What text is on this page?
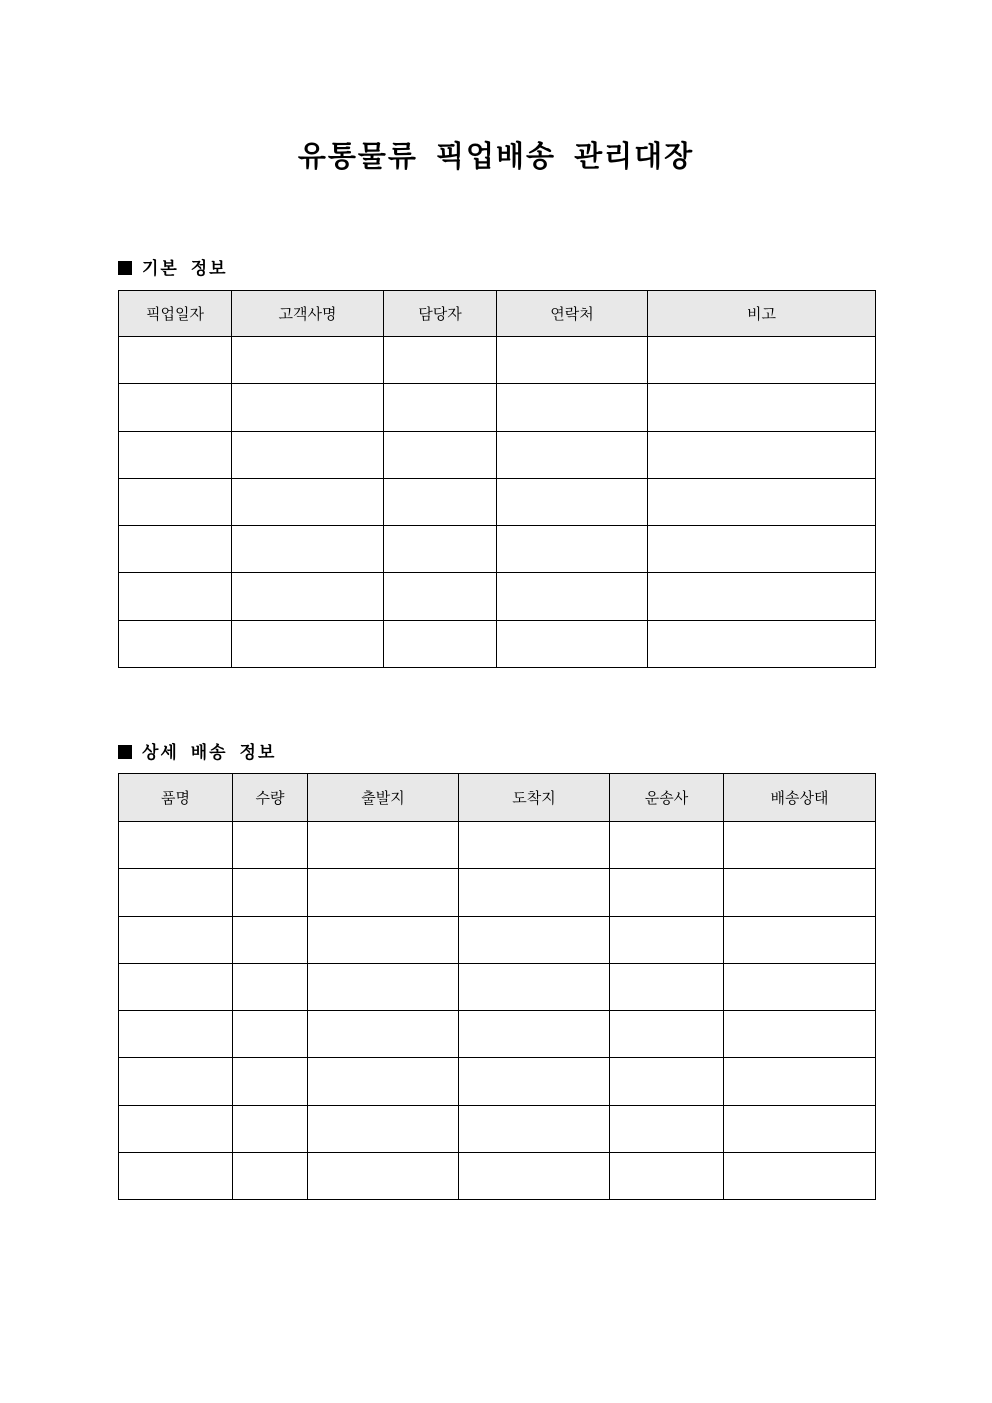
유통물류 픽업배송 관리대장
기본 정보
픽업일자	고객사명	담당자	연락처	비고

상세 배송 정보
품명	수량	출발지	도착지	운송사	배송상태
